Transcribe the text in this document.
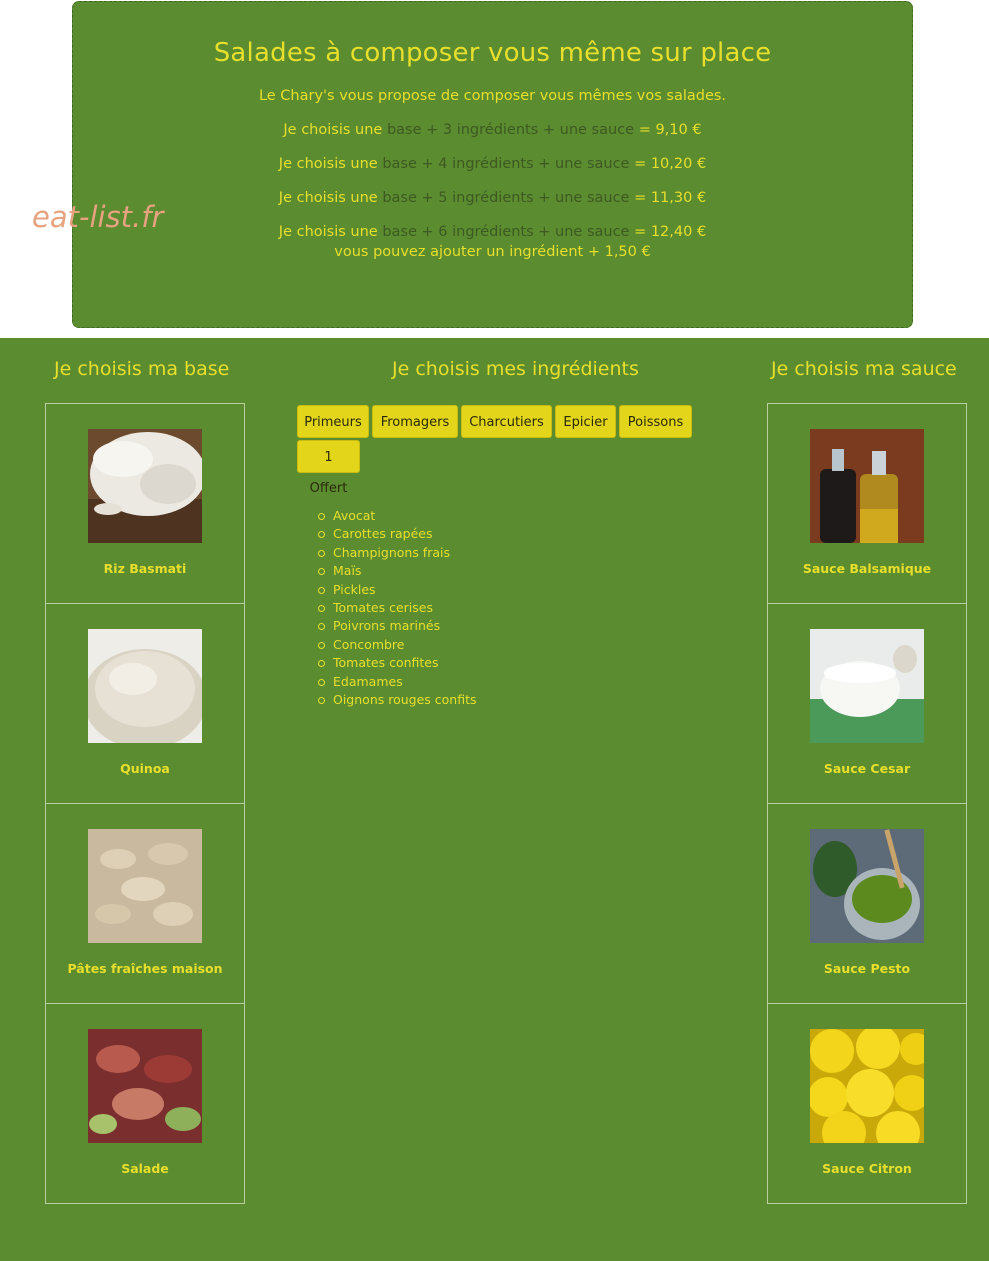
Salades à composer vous même sur place

Le Chary's vous propose de composer vous mêmes vos salades.

Je choisis une base + 3 ingrédients + une sauce = 9,10 €

Je choisis une base + 4 ingrédients + une sauce = 10,20 €

Je choisis une base + 5 ingrédients + une sauce = 11,30 €

Je choisis une base + 6 ingrédients + une sauce = 12,40 €

vous pouvez ajouter un ingrédient + 1,50 €

eat-list.fr
Je choisis ma base	Je choisis mes ingrédients	Je choisis ma sauce
Riz Basmati
Quinoa
Pâtes fraîches maison
Salade
Primeurs	Fromagers	Charcutiers	Epicier	Poissons
1 Offert
Avocat
Carottes rapées
Champignons frais
Maïs
Pickles
Tomates cerises
Poivrons marinés
Concombre
Tomates confites
Edamames
Oignons rouges confits
Sauce Balsamique
Sauce Cesar
Sauce Pesto
Sauce Citron
